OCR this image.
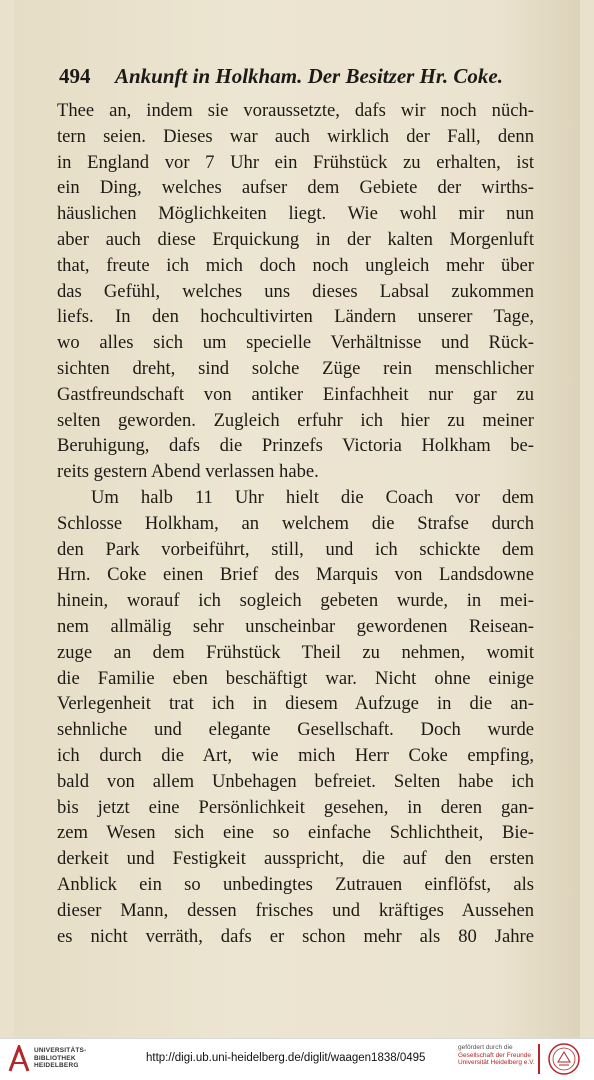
494 Ankunft in Holkham. Der Besitzer Hr. Coke.
Thee an, indem sie voraussetzte, dafs wir noch nüch-
tern seien. Dieses war auch wirklich der Fall, denn
in England vor 7 Uhr ein Frühstück zu erhalten, ist
ein Ding, welches aufser dem Gebiete der wirths-
häuslichen Möglichkeiten liegt. Wie wohl mir nun
aber auch diese Erquickung in der kalten Morgenluft
that, freute ich mich doch noch ungleich mehr über
das Gefühl, welches uns dieses Labsal zukommen
liefs. In den hochcultivirten Ländern unserer Tage,
wo alles sich um specielle Verhältnisse und Rück-
sichten dreht, sind solche Züge rein menschlicher
Gastfreundschaft von antiker Einfachheit nur gar zu
selten geworden. Zugleich erfuhr ich hier zu meiner
Beruhigung, dafs die Prinzefs Victoria Holkham be-
reits gestern Abend verlassen habe.
Um halb 11 Uhr hielt die Coach vor dem
Schlosse Holkham, an welchem die Strafse durch
den Park vorbeiführt, still, und ich schickte dem
Hrn. Coke einen Brief des Marquis von Landsdowne
hinein, worauf ich sogleich gebeten wurde, in mei-
nem allmälig sehr unscheinbar gewordenen Reisean-
zuge an dem Frühstück Theil zu nehmen, womit
die Familie eben beschäftigt war. Nicht ohne einige
Verlegenheit trat ich in diesem Aufzuge in die an-
sehnliche und elegante Gesellschaft. Doch wurde
ich durch die Art, wie mich Herr Coke empfing,
bald von allem Unbehagen befreiet. Selten habe ich
bis jetzt eine Persönlichkeit gesehen, in deren gan-
zem Wesen sich eine so einfache Schlichtheit, Bie-
derkeit und Festigkeit ausspricht, die auf den ersten
Anblick ein so unbedingtes Zutrauen einflöfst, als
dieser Mann, dessen frisches und kräftiges Aussehen
es nicht verräth, dafs er schon mehr als 80 Jahre
UNIVERSITÄTS-
BIBLIOTHEK
HEIDELBERG
http://digi.ub.uni-heidelberg.de/diglit/waagen1838/0495
gefördert durch die
Gesellschaft der Freunde
Universität Heidelberg e.V.
